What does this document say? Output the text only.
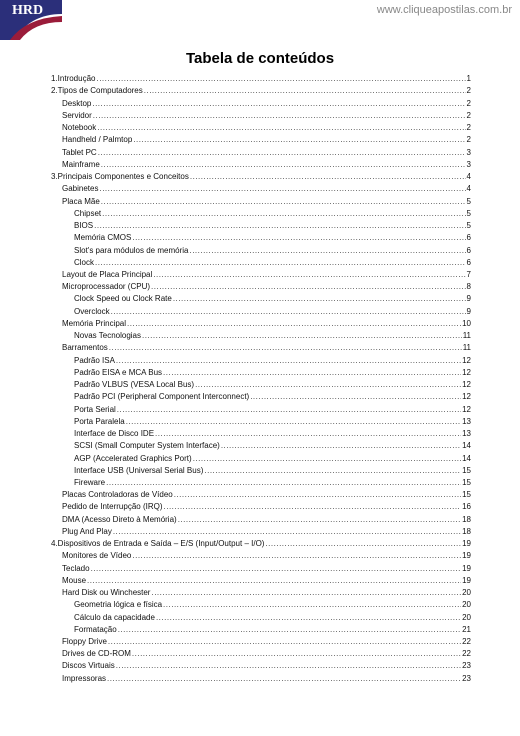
HRD	www.cliqueapostilas.com.br
Tabela de conteúdos
1.Introdução .....	1
2.Tipos de Computadores .....	2
Desktop .....	2
Servidor .....	2
Notebook .....	2
Handheld / Palmtop .....	2
Tablet PC .....	3
Mainframe .....	3
3.Principais Componentes e Conceitos .....	4
Gabinetes .....	4
Placa Mãe .....	5
Chipset .....	5
BIOS .....	5
Memória CMOS .....	6
Slot's para módulos de memória .....	6
Clock .....	6
Layout de Placa Principal .....	7
Microprocessador (CPU) .....	8
Clock Speed ou Clock Rate .....	9
Overclock .....	9
Memória Principal .....	10
Novas Tecnologias .....	11
Barramentos .....	11
Padrão ISA .....	12
Padrão EISA e MCA Bus .....	12
Padrão VLBUS (VESA Local Bus) .....	12
Padrão PCI (Peripheral Component Interconnect) .....	12
Porta Serial .....	12
Porta Paralela .....	13
Interface de Disco IDE .....	13
SCSI (Small Computer System Interface) .....	14
AGP (Accelerated Graphics Port) .....	14
Interface USB (Universal Serial Bus) .....	15
Fireware .....	15
Placas Controladoras de Vídeo .....	15
Pedido de Interrupção (IRQ) .....	16
DMA (Acesso Direto à Memória) .....	18
Plug And Play .....	18
4.Dispositivos de Entrada e Saída – E/S (Input/Output – I/O) .....	19
Monitores de Vídeo .....	19
Teclado .....	19
Mouse .....	19
Hard Disk ou Winchester .....	20
Geometria lógica e física .....	20
Cálculo da capacidade .....	20
Formatação .....	21
Floppy Drive .....	22
Drives de CD-ROM .....	22
Discos Virtuais .....	23
Impressoras .....	23
